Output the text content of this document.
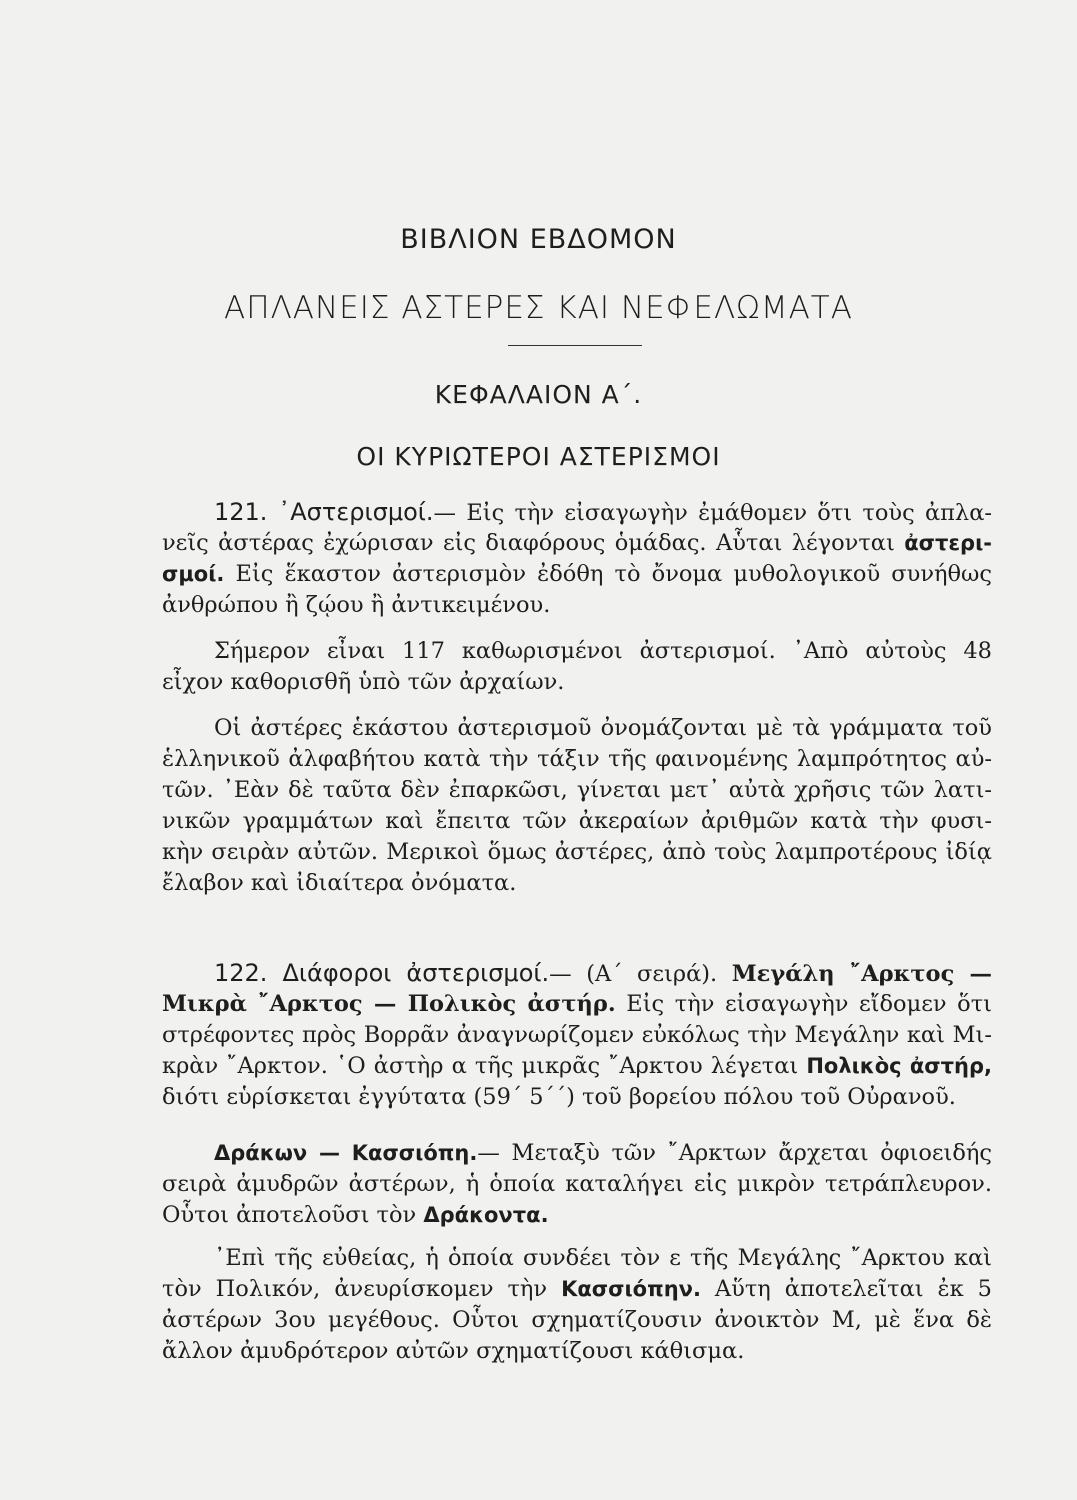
ΒΙΒΛΙΟΝ ΕΒΔΟΜΟΝ
ΑΠΛΑΝΕΙΣ ΑΣΤΕΡΕΣ ΚΑΙ ΝΕΦΕΛΩΜΑΤΑ
ΚΕΦΑΛΑΙΟΝ Α΄.
ΟΙ ΚΥΡΙΩΤΕΡΟΙ ΑΣΤΕΡΙΣΜΟΙ
121. ᾿Αστερισμοί.— Εἰς τὴν εἰσαγωγὴν ἐμάθομεν ὅτι τοὺς ἀπλα-
νεῖς ἀστέρας ἐχώρισαν εἰς διαφόρους ὁμάδας. Αὗται λέγονται ἀστερι-
σμοί. Εἰς ἕκαστον ἀστερισμὸν ἐδόθη τὸ ὄνομα μυθολογικοῦ συνήθως
ἀνθρώπου ἢ ζῴου ἢ ἀντικειμένου.
Σήμερον εἶναι 117 καθωρισμένοι ἀστερισμοί. ᾿Απὸ αὐτοὺς 48
εἶχον καθορισθῆ ὑπὸ τῶν ἀρχαίων.
Οἱ ἀστέρες ἑκάστου ἀστερισμοῦ ὀνομάζονται μὲ τὰ γράμματα τοῦ
ἑλληνικοῦ ἀλφαβήτου κατὰ τὴν τάξιν τῆς φαινομένης λαμπρότητος αὐ-
τῶν. ᾿Εὰν δὲ ταῦτα δὲν ἐπαρκῶσι, γίνεται μετ᾿ αὐτὰ χρῆσις τῶν λατι-
νικῶν γραμμάτων καὶ ἔπειτα τῶν ἀκεραίων ἀριθμῶν κατὰ τὴν φυσι-
κὴν σειρὰν αὐτῶν. Μερικοὶ ὅμως ἀστέρες, ἀπὸ τοὺς λαμπροτέρους ἰδίᾳ
ἔλαβον καὶ ἰδιαίτερα ὀνόματα.
122. Διάφοροι ἀστερισμοί.— (Α΄ σειρά). Μεγάλη ῎Αρκτος —
Μικρὰ ῎Αρκτος — Πολικὸς ἀστήρ. Εἰς τὴν εἰσαγωγὴν εἴδομεν ὅτι
στρέφοντες πρὸς Βορρᾶν ἀναγνωρίζομεν εὐκόλως τὴν Μεγάλην καὶ Μι-
κρὰν ῎Αρκτον. ῾Ο ἀστὴρ α τῆς μικρᾶς ῎Αρκτου λέγεται Πολικὸς ἀστήρ,
διότι εὑρίσκεται ἐγγύτατα (59΄ 5΄΄) τοῦ βορείου πόλου τοῦ Οὐρανοῦ.
Δράκων — Κασσιόπη.— Μεταξὺ τῶν ῎Αρκτων ἄρχεται ὀφιοειδής
σειρὰ ἀμυδρῶν ἀστέρων, ἡ ὁποία καταλήγει εἰς μικρὸν τετράπλευρον.
Οὗτοι ἀποτελοῦσι τὸν Δράκοντα.
᾿Επὶ τῆς εὐθείας, ἡ ὁποία συνδέει τὸν ε τῆς Μεγάλης ῎Αρκτου καὶ
τὸν Πολικόν, ἀνευρίσκομεν τὴν Κασσιόπην. Αὕτη ἀποτελεῖται ἐκ 5
ἀστέρων 3ου μεγέθους. Οὗτοι σχηματίζουσιν ἀνοικτὸν Μ, μὲ ἕνα δὲ
ἄλλον ἀμυδρότερον αὐτῶν σχηματίζουσι κάθισμα.
